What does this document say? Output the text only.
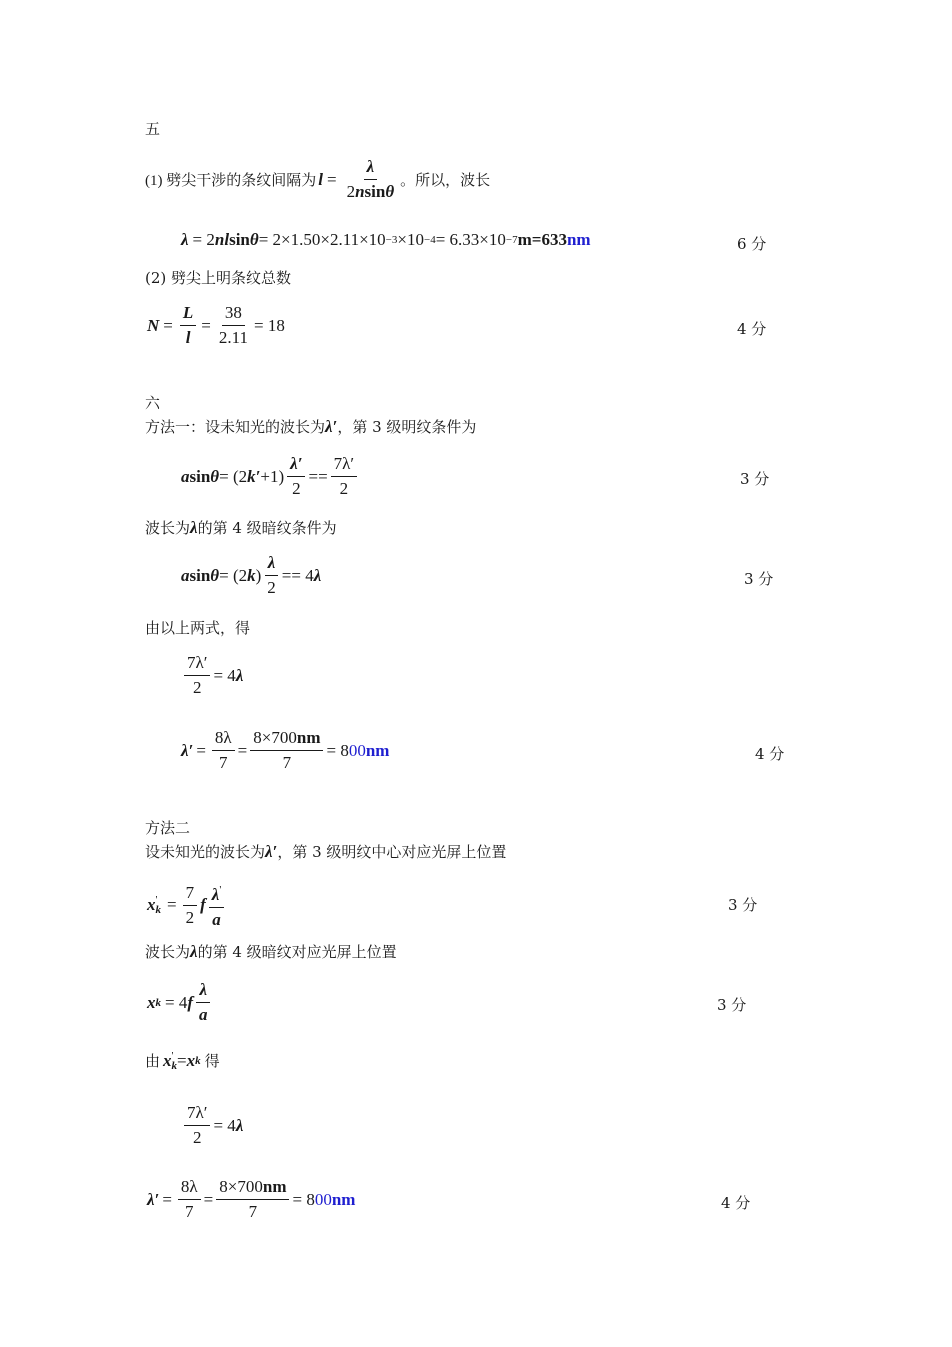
五
(1) 劈尖干涉的条纹间隔为 $l = \frac{\lambda}{2nsin\theta}$ 。所以，波长
λ = 2 nl sin θ = 2×1.50×2.11×10 −3 ×10 −4 = 6.33×10 −7 m=633 nm	6 分
(2) 劈尖上明条纹总数
$N = \frac{L}{l} = \frac{38}{2.11} = 18$	4 分
六
方法一：设未知光的波长为λ′，第 3 级明纹条件为
a sin θ = (2 $k' +1) \frac{\lambda'}{2} == \frac{7\lambda'}{2}$	3 分
波长为λ的第 4 级暗纹条件为
a sin θ = (2 k ) $\frac{\lambda}{2} == 4$ λ	3 分
由以上两式，得
$\frac{7\lambda'}{2} = 4$ λ
$\lambda' = \frac{8\lambda}{7} = \frac{8\times 700nm}{7} = 8$ 00 nm	4 分
方法二
设未知光的波长为λ′，第 3 级明纹中心对应光屏上位置
x '
$k = \frac{7}{2}$ f $\frac{\lambda'}{a}$	3 分
波长为λ的第 4 级暗纹对应光屏上位置
x k = 4 f $\frac{\lambda}{a}$	3 分
由 x '
k = x k 得
$\frac{7\lambda'}{2} = 4$ λ
$\lambda' = \frac{8\lambda}{7} = \frac{8\times 700nm}{7} = 8$ 00 nm	4 分
